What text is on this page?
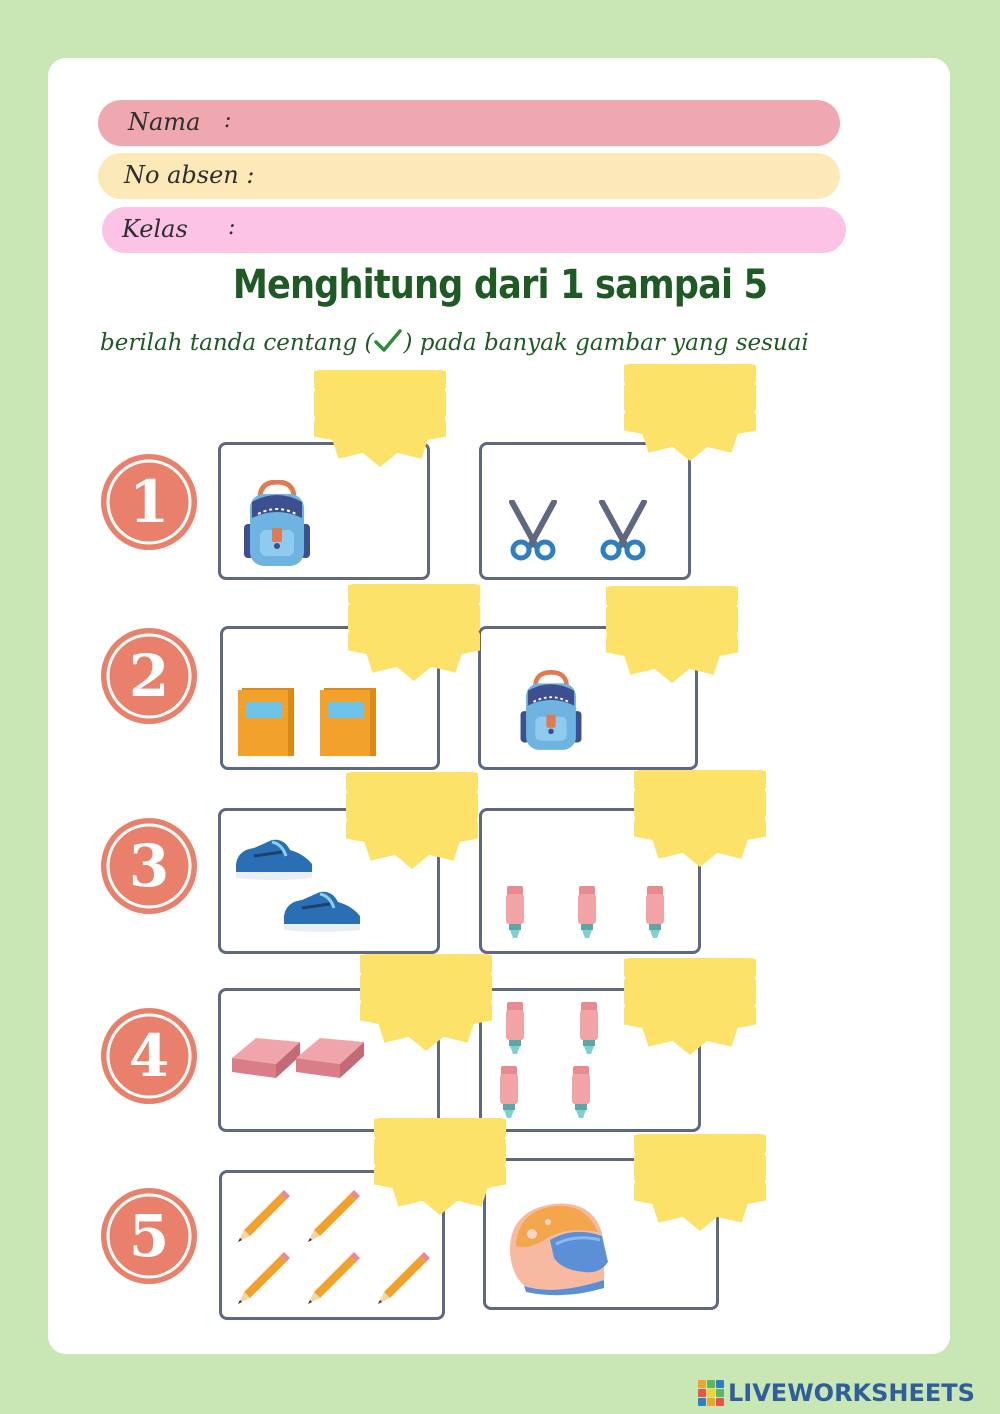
Nama :
No absen :
Kelas :
Menghitung dari 1 sampai 5
berilah tanda centang ( ) pada banyak gambar yang sesuai
1
2
3
4
5
LIVEWORKSHEETS
